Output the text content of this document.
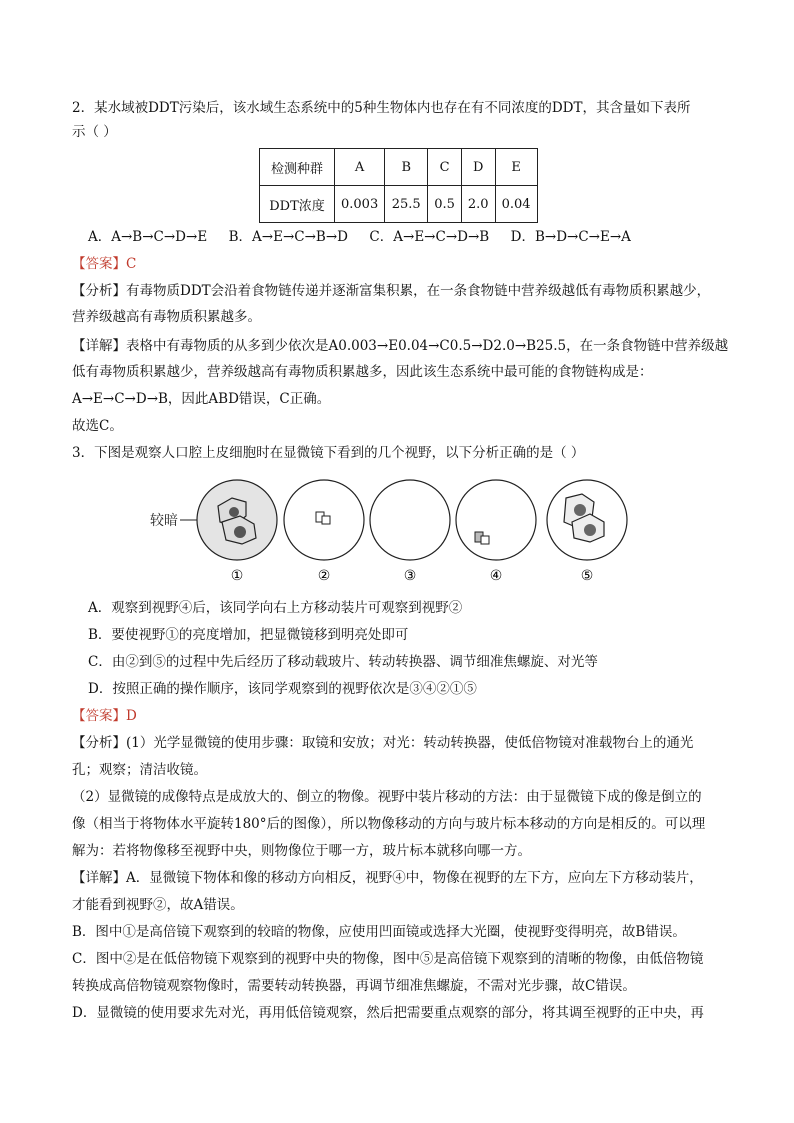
2．某水域被DDT污染后，该水域生态系统中的5种生物体内也存在有不同浓度的DDT，其含量如下表所
示（ ）
检测种群	A	B	C	D	E
DDT浓度	0.003	25.5	0.5	2.0	0.04
A．A→B→C→D→E     B．A→E→C→B→D     C．A→E→C→D→B     D．B→D→C→E→A
【答案】C
【分析】有毒物质DDT会沿着食物链传递并逐渐富集积累，在一条食物链中营养级越低有毒物质积累越少，
营养级越高有毒物质积累越多。
【详解】表格中有毒物质的从多到少依次是A0.003→E0.04→C0.5→D2.0→B25.5，在一条食物链中营养级越
低有毒物质积累越少，营养级越高有毒物质积累越多，因此该生态系统中最可能的食物链构成是：
A→E→C→D→B，因此ABD错误，C正确。
故选C。
3．下图是观察人口腔上皮细胞时在显微镜下看到的几个视野，以下分析正确的是（ ）
较暗
①	②	③	④	⑤
A．观察到视野④后，该同学向右上方移动装片可观察到视野②
B．要使视野①的亮度增加，把显微镜移到明亮处即可
C．由②到⑤的过程中先后经历了移动载玻片、转动转换器、调节细准焦螺旋、对光等
D．按照正确的操作顺序，该同学观察到的视野依次是③④②①⑤
【答案】D
【分析】(1）光学显微镜的使用步骤：取镜和安放；对光：转动转换器，使低倍物镜对准载物台上的通光
孔；观察；清洁收镜。
（2）显微镜的成像特点是成放大的、倒立的物像。视野中装片移动的方法：由于显微镜下成的像是倒立的
像（相当于将物体水平旋转180°后的图像），所以物像移动的方向与玻片标本移动的方向是相反的。可以理
解为：若将物像移至视野中央，则物像位于哪一方，玻片标本就移向哪一方。
【详解】A．显微镜下物体和像的移动方向相反，视野④中，物像在视野的左下方，应向左下方移动装片，
才能看到视野②，故A错误。
B．图中①是高倍镜下观察到的较暗的物像，应使用凹面镜或选择大光圈，使视野变得明亮，故B错误。
C．图中②是在低倍物镜下观察到的视野中央的物像，图中⑤是高倍镜下观察到的清晰的物像，由低倍物镜
转换成高倍物镜观察物像时，需要转动转换器，再调节细准焦螺旋，不需对光步骤，故C错误。
D．显微镜的使用要求先对光，再用低倍镜观察，然后把需要重点观察的部分，将其调至视野的正中央，再
